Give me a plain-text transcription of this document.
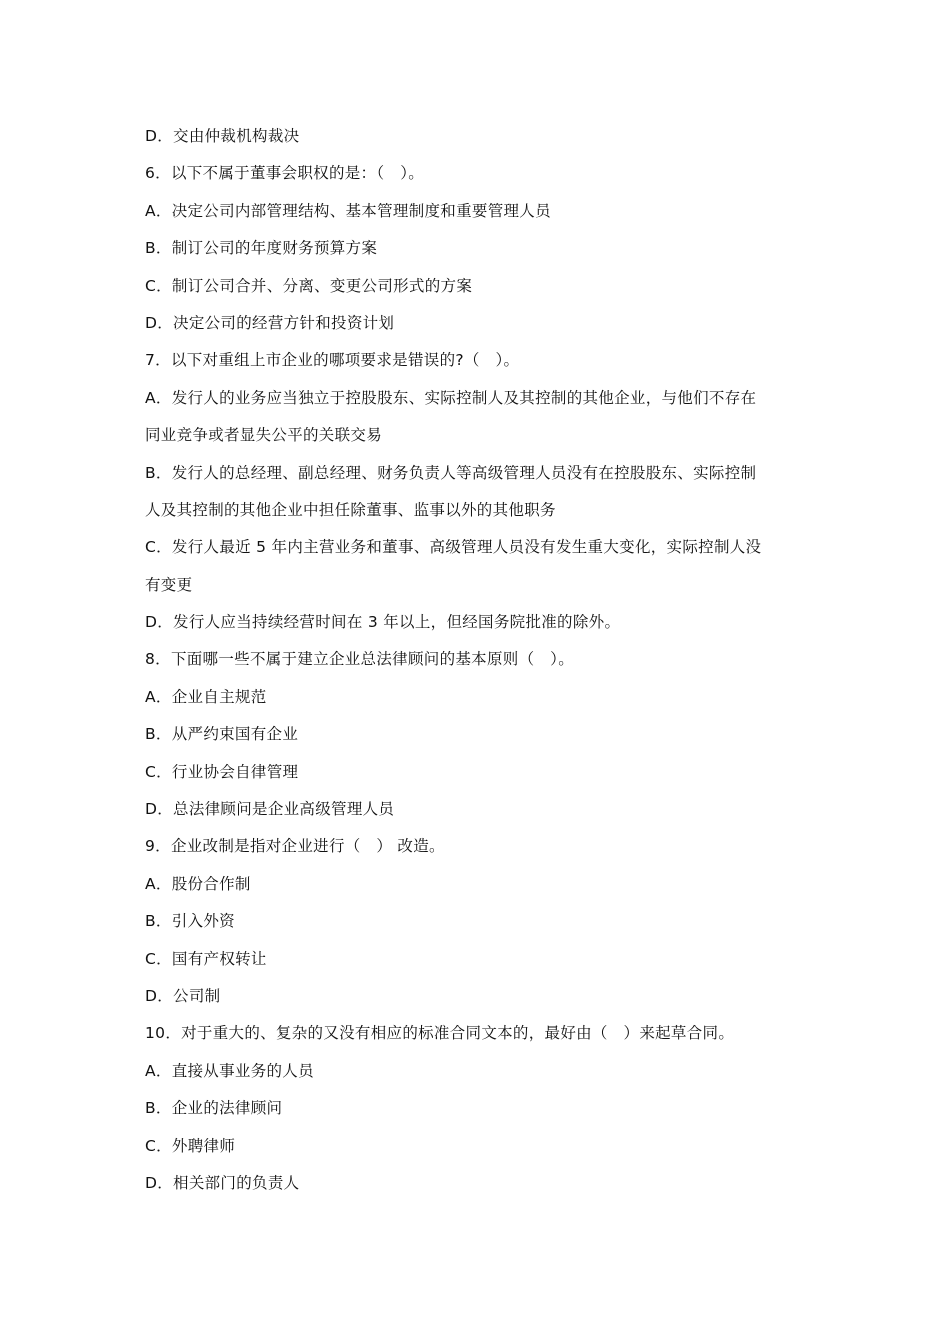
D．交由仲裁机构裁决
6．以下不属于董事会职权的是：（　）。
A．决定公司内部管理结构、基本管理制度和重要管理人员
B．制订公司的年度财务预算方案
C．制订公司合并、分离、变更公司形式的方案
D．决定公司的经营方针和投资计划
7．以下对重组上市企业的哪项要求是错误的?（　）。
A．发行人的业务应当独立于控股股东、实际控制人及其控制的其他企业，与他们不存在
同业竞争或者显失公平的关联交易
B．发行人的总经理、副总经理、财务负责人等高级管理人员没有在控股股东、实际控制
人及其控制的其他企业中担任除董事、监事以外的其他职务
C．发行人最近 5 年内主营业务和董事、高级管理人员没有发生重大变化，实际控制人没
有变更
D．发行人应当持续经营时间在 3 年以上，但经国务院批准的除外。
8．下面哪一些不属于建立企业总法律顾问的基本原则（　）。
A．企业自主规范
B．从严约束国有企业
C．行业协会自律管理
D．总法律顾问是企业高级管理人员
9．企业改制是指对企业进行（　） 改造。
A．股份合作制
B．引入外资
C．国有产权转让
D．公司制
10．对于重大的、复杂的又没有相应的标准合同文本的，最好由（　）来起草合同。
A．直接从事业务的人员
B．企业的法律顾问
C．外聘律师
D．相关部门的负责人
